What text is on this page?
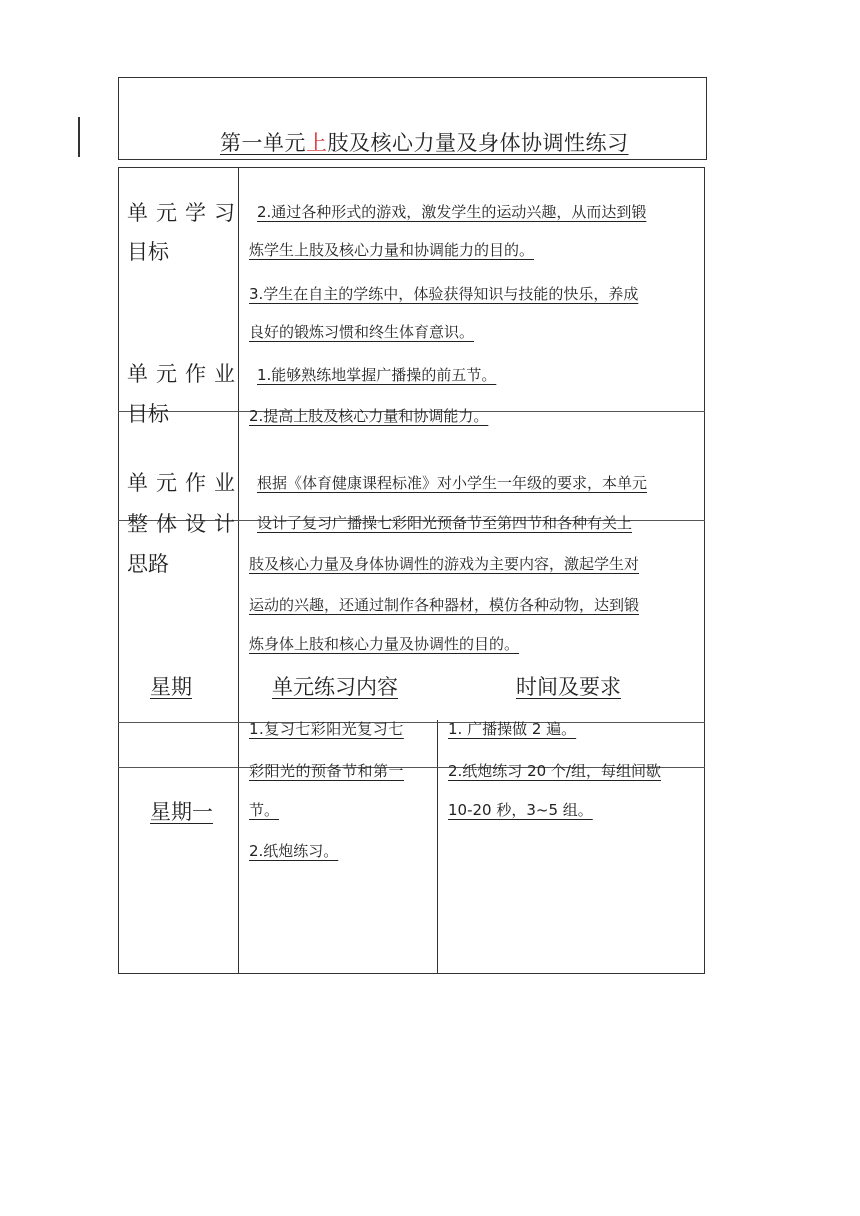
第一单元上肢及核心力量及身体协调性练习
单元学习
目标
单元作业
目标
单元作业
整体设计
思路
2.通过各种形式的游戏，激发学生的运动兴趣，从而达到锻
炼学生上肢及核心力量和协调能力的目的。
3.学生在自主的学练中，体验获得知识与技能的快乐，养成
良好的锻炼习惯和终生体育意识。
1.能够熟练地掌握广播操的前五节。
2.提高上肢及核心力量和协调能力。
根据《体育健康课程标准》对小学生一年级的要求，本单元
设计了复习广播操七彩阳光预备节至第四节和各种有关上
肢及核心力量及身体协调性的游戏为主要内容，激起学生对
运动的兴趣，还通过制作各种器材，模仿各种动物，达到锻
炼身体上肢和核心力量及协调性的目的。
星期	单元练习内容	时间及要求
星期一
1.复习七彩阳光复习七
彩阳光的预备节和第一
节。
2.纸炮练习。
1. 广播操做 2 遍。
2.纸炮练习 20 个/组，每组间歇
10-20 秒，3~5 组。
